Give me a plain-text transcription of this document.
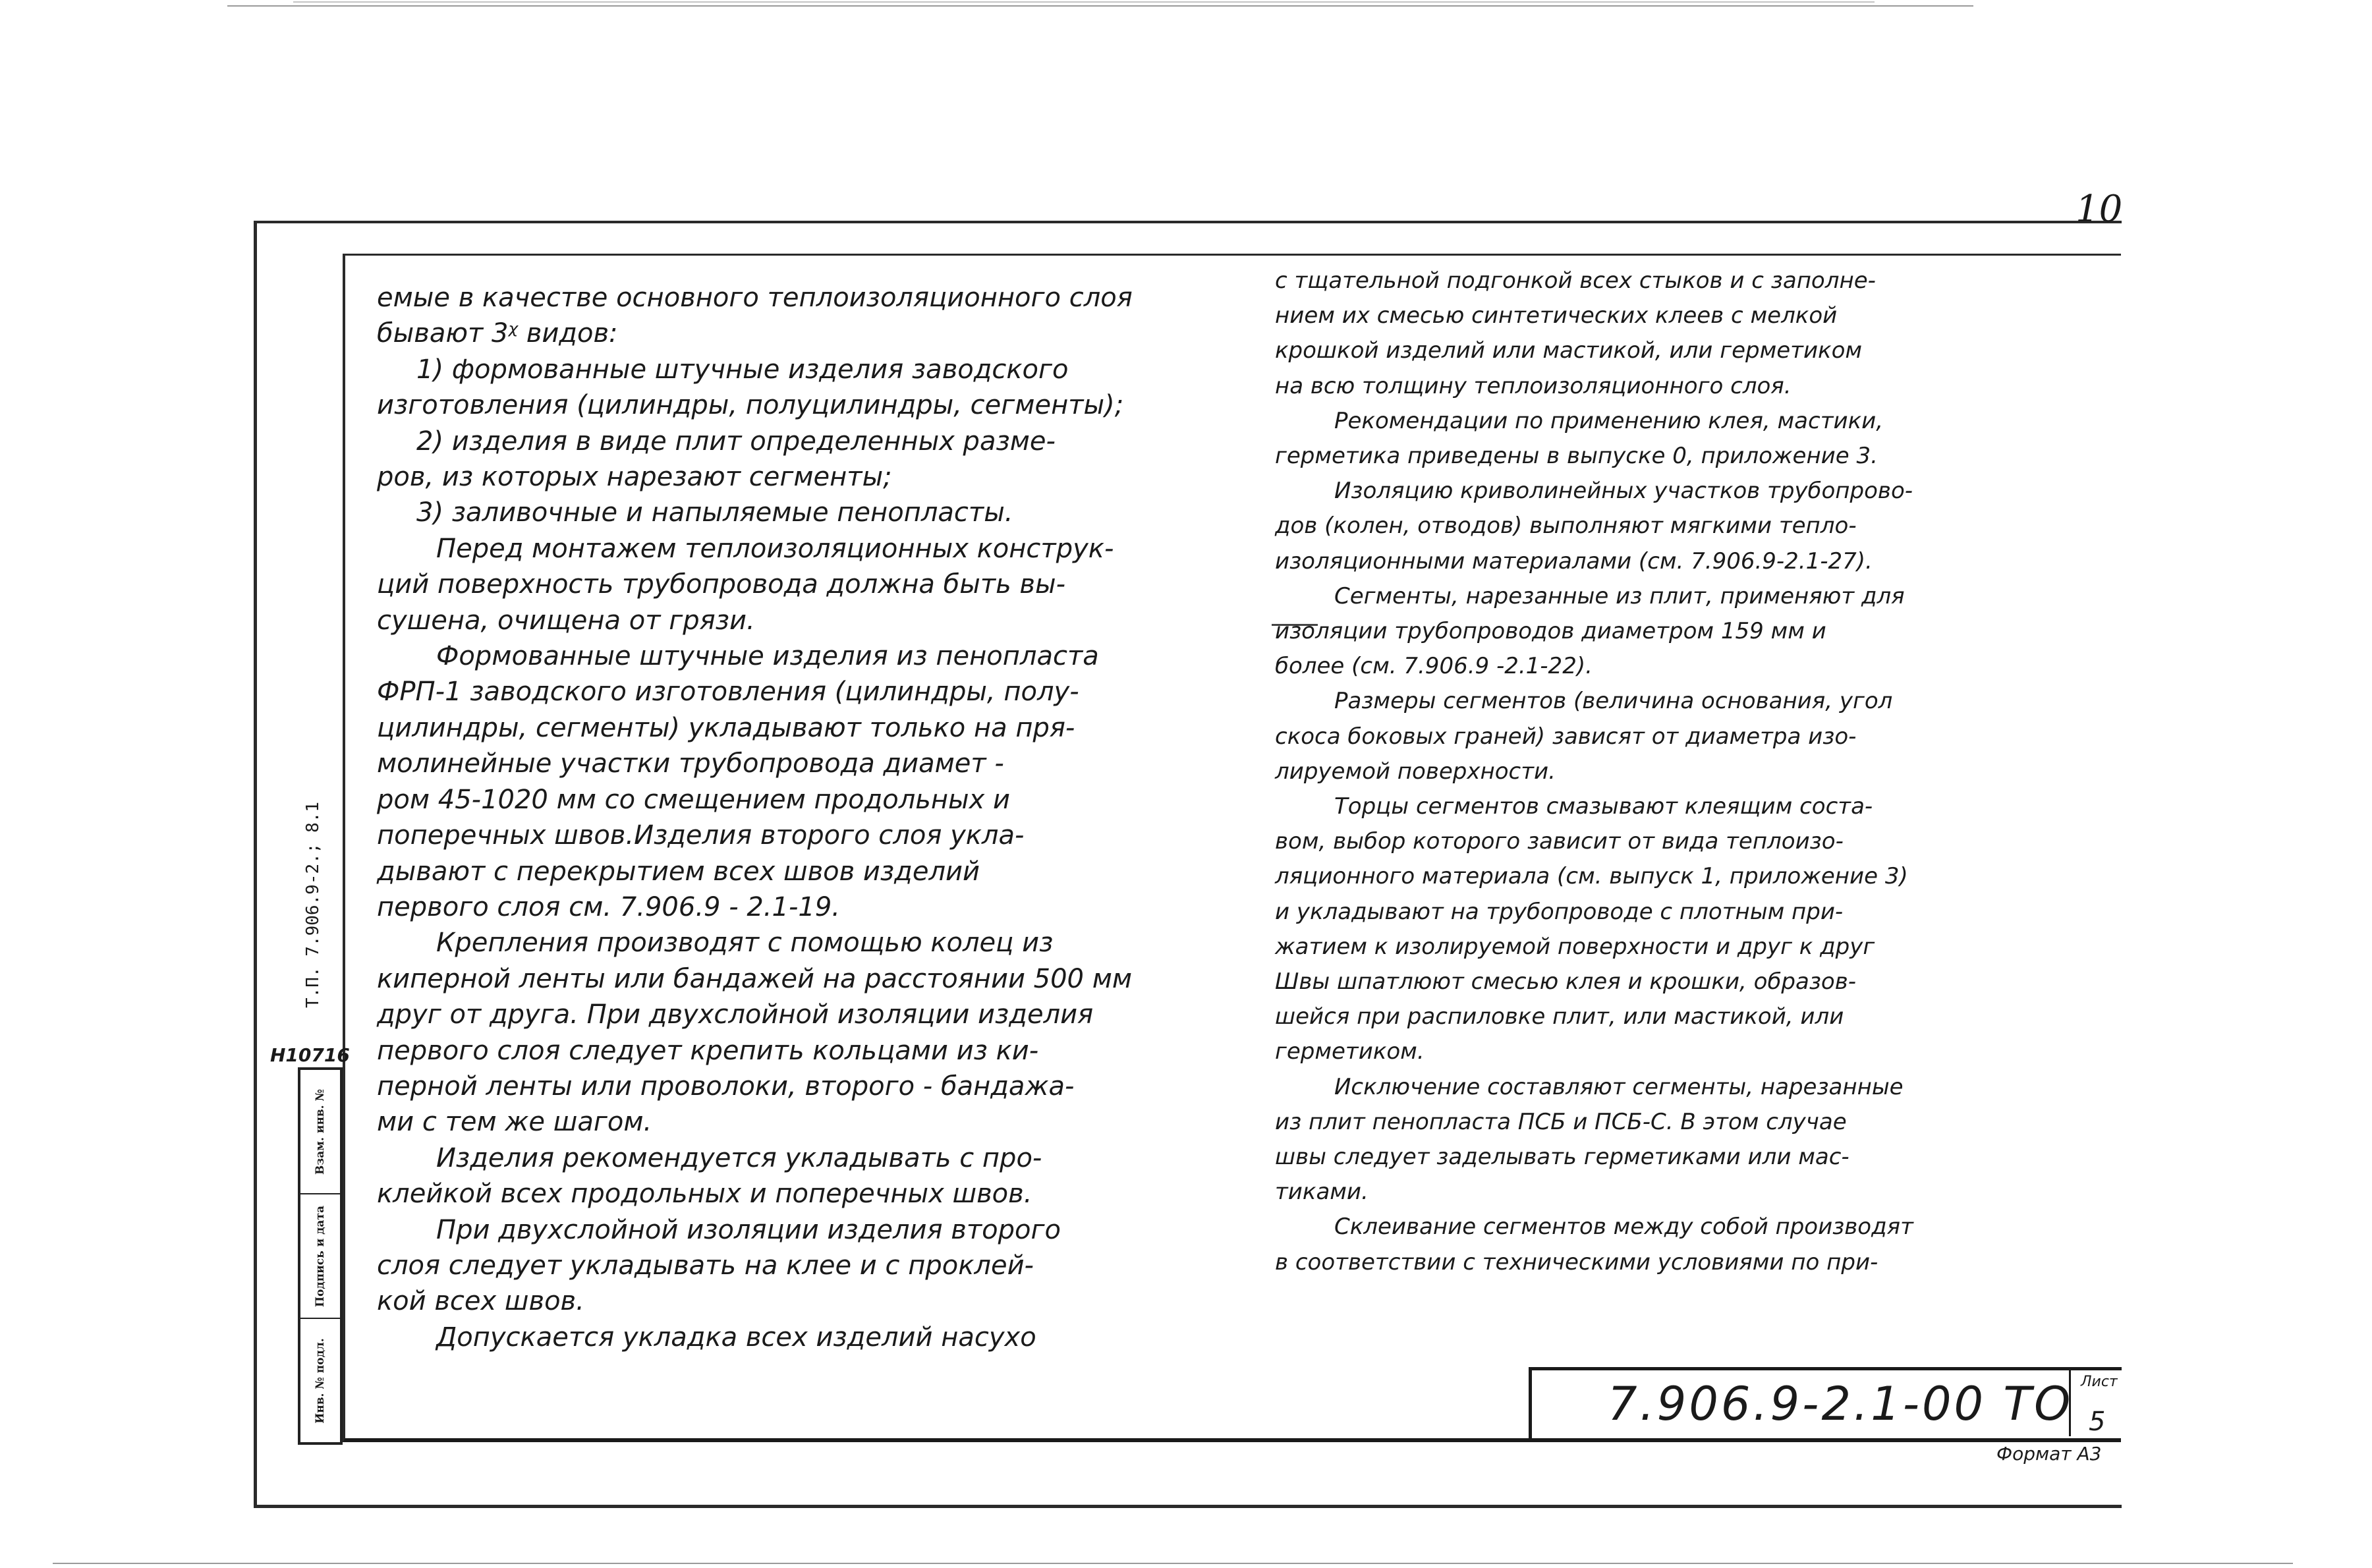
10
Т.П. 7.906.9-2.; 8.1
Н10716
Взам. инв. №
Подпись и дата
Инв. № подл.
емые в качестве основного теплоизоляционного слоя
бывают 3ᵡ видов:
1) формованные штучные изделия заводского
изготовления (цилиндры, полуцилиндры, сегменты);
2) изделия в виде плит определенных разме-
ров, из которых нарезают сегменты;
3) заливочные и напыляемые пенопласты.
Перед монтажем теплоизоляционных конструк-
ций поверхность трубопровода должна быть вы-
сушена, очищена от грязи.
Формованные штучные изделия из пенопласта
ФРП-1 заводского изготовления (цилиндры, полу-
цилиндры, сегменты) укладывают только на пря-
молинейные участки трубопровода диамет -
ром 45-1020 мм со смещением продольных и
поперечных швов.Изделия второго слоя укла-
дывают с перекрытием всех швов изделий
первого слоя см. 7.906.9 - 2.1-19.
Крепления производят с помощью колец из
киперной ленты или бандажей на расстоянии 500 мм
друг от друга. При двухслойной изоляции изделия
первого слоя следует крепить кольцами из ки-
перной ленты или проволоки, второго - бандажа-
ми с тем же шагом.
Изделия рекомендуется укладывать с про-
клейкой всех продольных и поперечных швов.
При двухслойной изоляции изделия второго
слоя следует укладывать на клее и с проклей-
кой всех швов.
Допускается укладка всех изделий насухо
с тщательной подгонкой всех стыков и с заполне-
нием их смесью синтетических клеев с мелкой
крошкой изделий или мастикой, или герметиком
на всю толщину теплоизоляционного слоя.
Рекомендации по применению клея, мастики,
герметика приведены в выпуске 0, приложение 3.
Изоляцию криволинейных участков трубопрово-
дов (колен, отводов) выполняют мягкими тепло-
изоляционными материалами (см. 7.906.9-2.1-27).
Сегменты, нарезанные из плит, применяют для
изоляции трубопроводов диаметром 159 мм и
более (см. 7.906.9 -2.1-22).
Размеры сегментов (величина основания, угол
скоса боковых граней) зависят от диаметра изо-
лируемой поверхности.
Торцы сегментов смазывают клеящим соста-
вом, выбор которого зависит от вида теплоизо-
ляционного материала (см. выпуск 1, приложение 3)
и укладывают на трубопроводе с плотным при-
жатием к изолируемой поверхности и друг к друг
Швы шпатлюют смесью клея и крошки, образов-
шейся при распиловке плит, или мастикой, или
герметиком.
Исключение составляют сегменты, нарезанные
из плит пенопласта ПСБ и ПСБ-С. В этом случае
швы следует заделывать герметиками или мас-
тиками.
Склеивание сегментов между собой производят
в соответствии с техническими условиями по при-
7.906.9-2.1-00 ТО Лист
5
Формат А3
